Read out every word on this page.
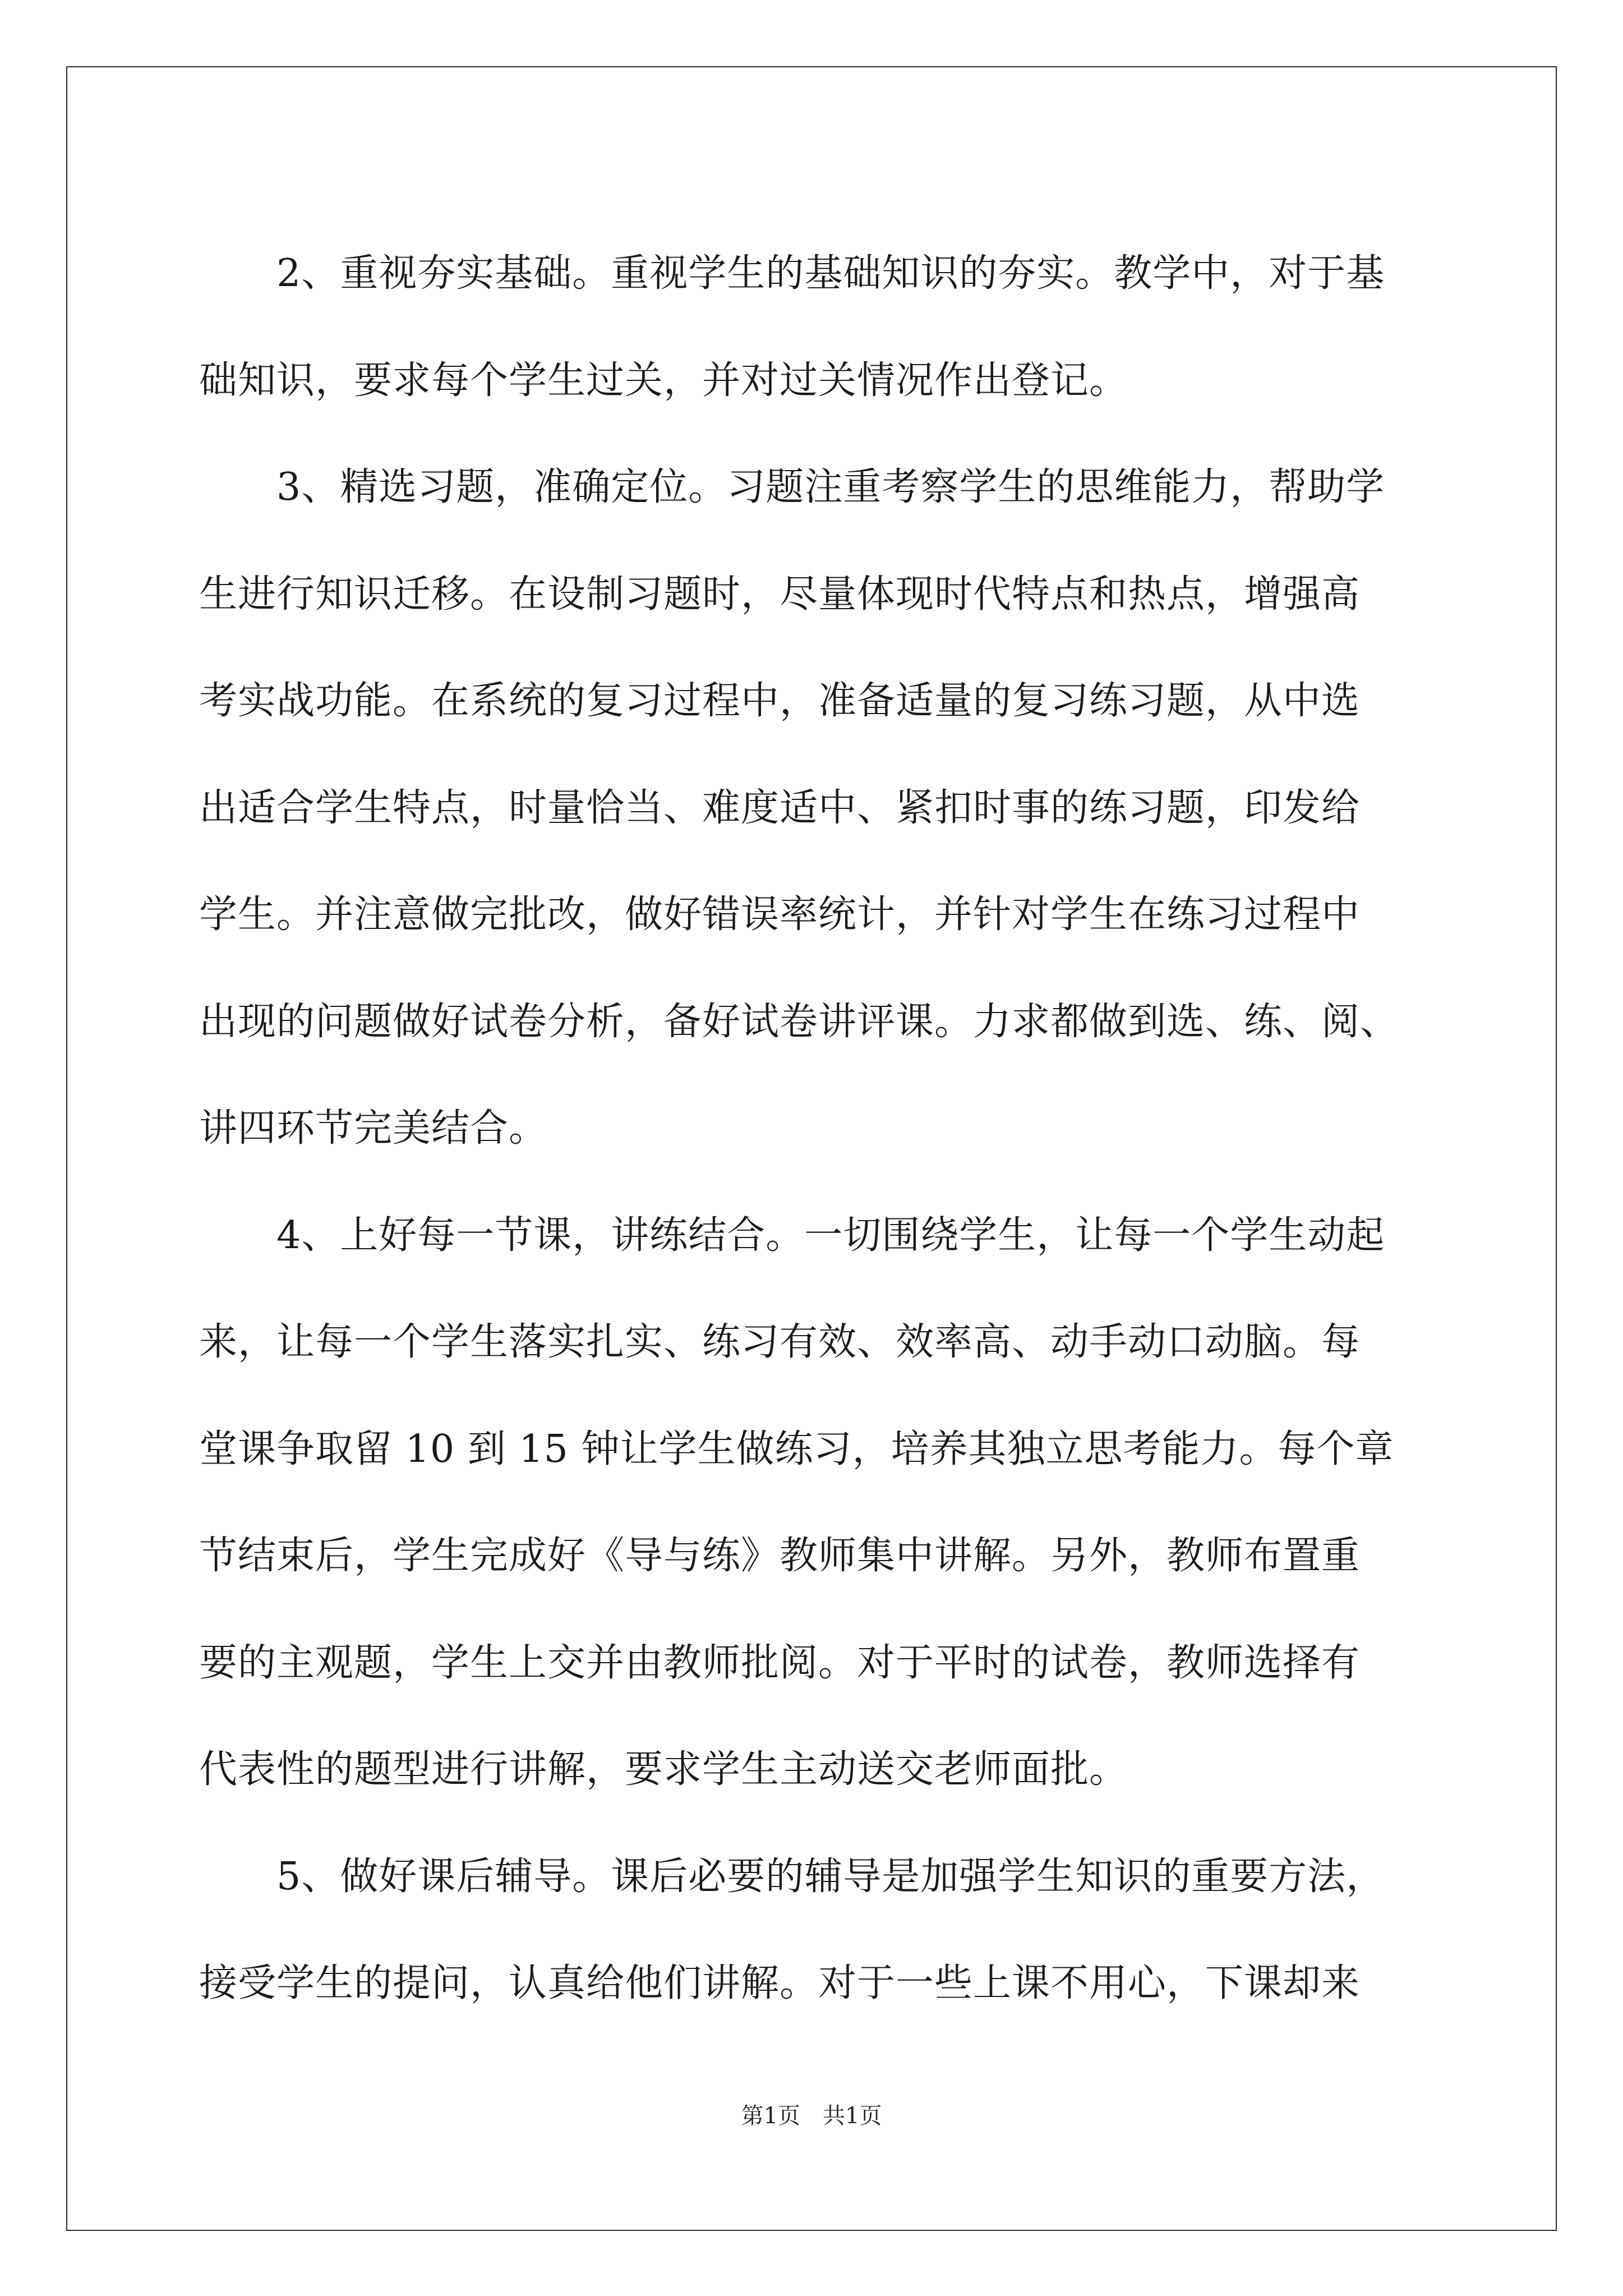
　　2、重视夯实基础。重视学生的基础知识的夯实。教学中，对于基
础知识，要求每个学生过关，并对过关情况作出登记。

　　3、精选习题，准确定位。习题注重考察学生的思维能力，帮助学
生进行知识迁移。在设制习题时，尽量体现时代特点和热点，增强高
考实战功能。在系统的复习过程中，准备适量的复习练习题，从中选
出适合学生特点，时量恰当、难度适中、紧扣时事的练习题，印发给
学生。并注意做完批改，做好错误率统计，并针对学生在练习过程中
出现的问题做好试卷分析，备好试卷讲评课。力求都做到选、练、阅、
讲四环节完美结合。

　　4、上好每一节课，讲练结合。一切围绕学生，让每一个学生动起
来，让每一个学生落实扎实、练习有效、效率高、动手动口动脑。每
堂课争取留 10 到 15 钟让学生做练习，培养其独立思考能力。每个章
节结束后，学生完成好《导与练》教师集中讲解。另外，教师布置重
要的主观题，学生上交并由教师批阅。对于平时的试卷，教师选择有
代表性的题型进行讲解，要求学生主动送交老师面批。

　　5、做好课后辅导。课后必要的辅导是加强学生知识的重要方法，
接受学生的提问，认真给他们讲解。对于一些上课不用心，下课却来

第1页　共1页
